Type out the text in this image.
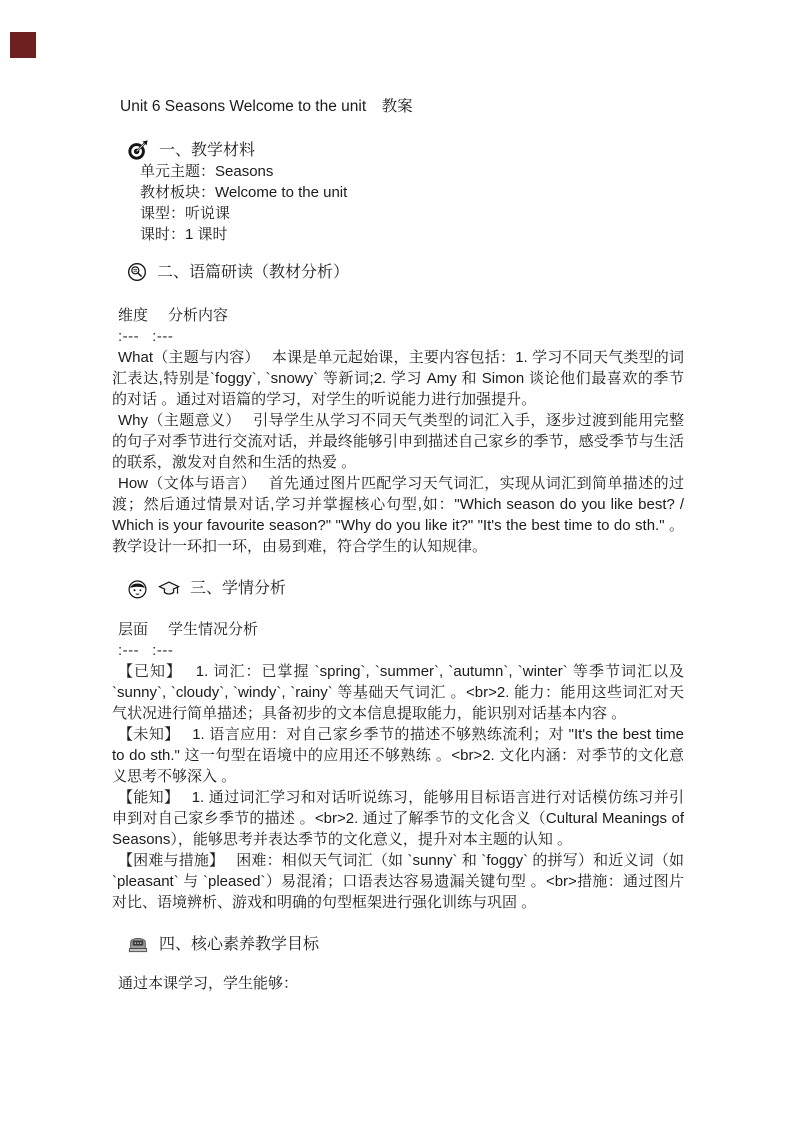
Unit 6 Seasons Welcome to the unit　教案
一、教学材料
单元主题：Seasons
教材板块：Welcome to the unit
课型：听说课
课时：1 课时
二、语篇研读（教材分析）
维度 分析内容
:--- :---

What（主题与内容）　 本课是单元起始课，主要内容包括：1. 学习不同天气类型的词汇表达,特别是`foggy`, `snowy` 等新词;2. 学习 Amy 和 Simon 谈论他们最喜欢的季节 的对话 。通过对语篇的学习，对学生的听说能力进行加强提升。

Why（主题意义）　 引导学生从学习不同天气类型的词汇入手，逐步过渡到能用完整的句子对季节进行交流对话，并最终能够引申到描述自己家乡的季节，感受季节与生活的联系，激发对自然和生活的热爱 。

How（文体与语言）　 首先通过图片匹配学习天气词汇，实现从词汇到简单描述的过渡；然后通过情景对话,学习并掌握核心句型,如："Which season do you like best? / Which is your favourite season?" "Why do you like it?" "It's the best time to do sth." 。教学设计一环扣一环，由易到难，符合学生的认知规律。

三、学情分析
层面 学生情况分析
:--- :---

【已知】　 1. 词汇：已掌握 `spring`, `summer`, `autumn`, `winter` 等季节词汇以及 `sunny`, `cloudy`, `windy`, `rainy` 等基础天气词汇 。<br>2. 能力：能用这些词汇对天气状况进行简单描述；具备初步的文本信息提取能力，能识别对话基本内容 。

【未知】　 1. 语言应用：对自己家乡季节的描述不够熟练流利；对 "It's the best time to do sth." 这一句型在语境中的应用还不够熟练 。<br>2. 文化内涵：对季节的文化意义思考不够深入 。

【能知】　 1. 通过词汇学习和对话听说练习，能够用目标语言进行对话模仿练习并引申到对自己家乡季节的描述 。<br>2. 通过了解季节的文化含义（Cultural Meanings of Seasons），能够思考并表达季节的文化意义，提升对本主题的认知 。

【困难与措施】　 困难：相似天气词汇（如 `sunny` 和 `foggy` 的拼写）和近义词（如 `pleasant` 与 `pleased`）易混淆；口语表达容易遗漏关键句型 。<br>措施：通过图片对比、语境辨析、游戏和明确的句型框架进行强化训练与巩固 。

四、核心素养教学目标

通过本课学习，学生能够：
